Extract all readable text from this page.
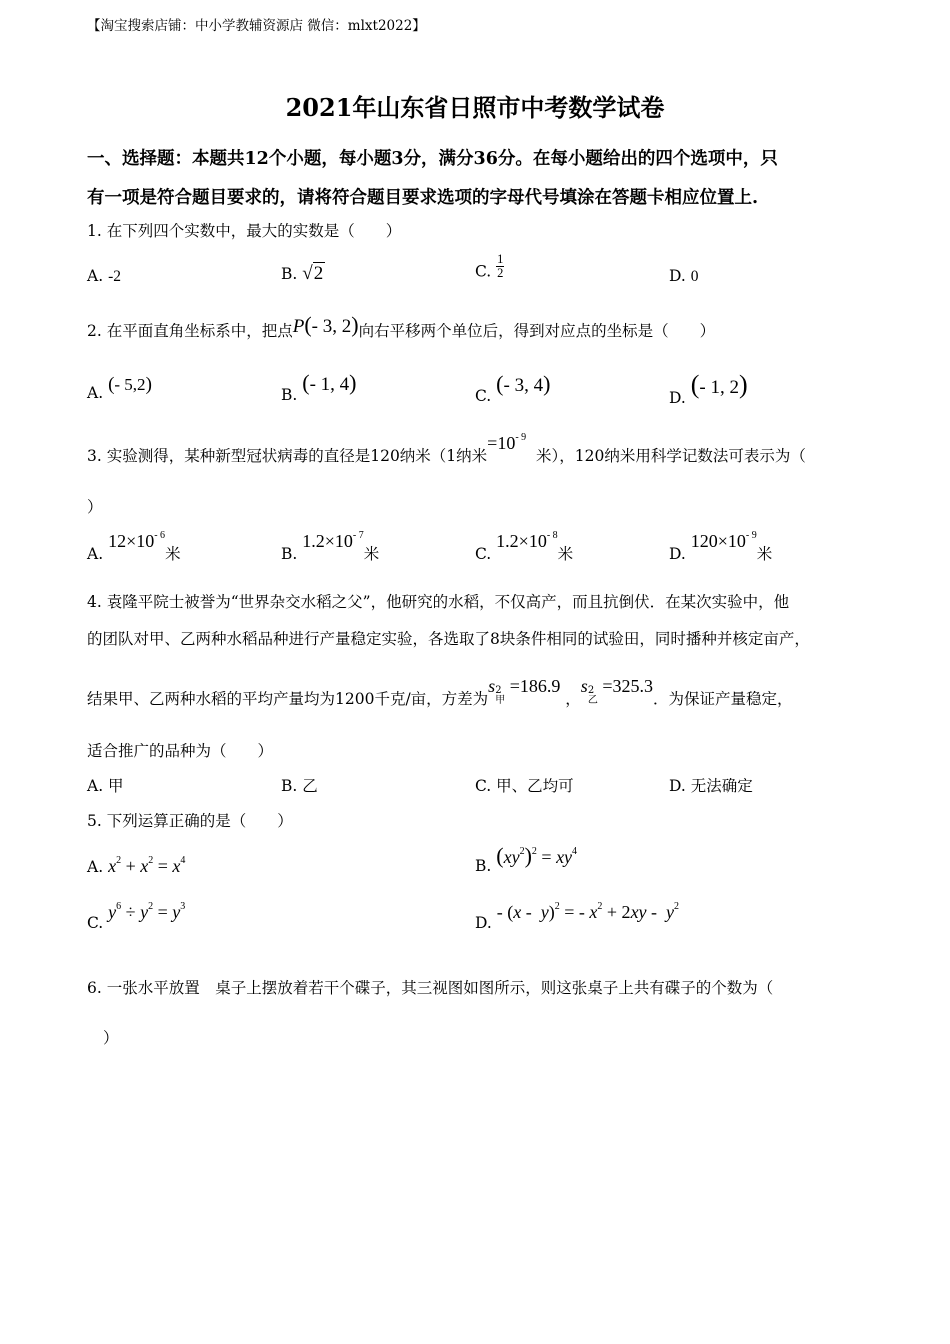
【淘宝搜索店铺：中小学教辅资源店 微信：mlxt2022】
2021年山东省日照市中考数学试卷
一、选择题：本题共12个小题，每小题3分，满分36分。在每小题给出的四个选项中，只
有一项是符合题目要求的，请将符合题目要求选项的字母代号填涂在答题卡相应位置上.
1. 在下列四个实数中，最大的实数是（　　）
A. -2	B. √2	C. $\frac{1}{2}$	D. 0
2. 在平面直角坐标系中，把点P(- 3, 2)向右平移两个单位后，得到对应点的坐标是（　　）
A. (- 5,2)	B. (- 1, 4)
C. (- 3, 4)
D. (- 1, 2)
3. 实验测得，某种新型冠状病毒的直径是120纳米（1纳米$=10^{- 9}$  米），120纳米用科学记数法可表示为（
）
A. $12\times 10^{- 6}$米	B. $1.2\times 10^{- 7}$米	C. $1.2\times 10^{- 8}$米	D. $120\times 10^{- 9}$米
4. 袁隆平院士被誉为“世界杂交水稻之父”，他研究的水稻，不仅高产，而且抗倒伏．在某次实验中，他
的团队对甲、乙两种水稻品种进行产量稳定实验，各选取了8块条件相同的试验田，同时播种并核定亩产，
结果甲、乙两种水稻的平均产量均为1200千克/亩，方差为s 2
甲
=186.9 ，s 2
乙
=325.3．为保证产量稳定，
适合推广的品种为（　　）
A. 甲	B. 乙	C. 甲、乙均可	D. 无法确定
5. 下列运算正确的是（　　）
A. $x^2 + x^2 = x^4$	B. $(xy^2)^2 = xy^4$
C. $y^6 \div y^2 = y^3$
D. - (x -  y)$^2$ = - $x^2 + 2xy - y^2$
6. 一张水平放置　桌子上摆放着若干个碟子，其三视图如图所示，则这张桌子上共有碟子的个数为（
）
